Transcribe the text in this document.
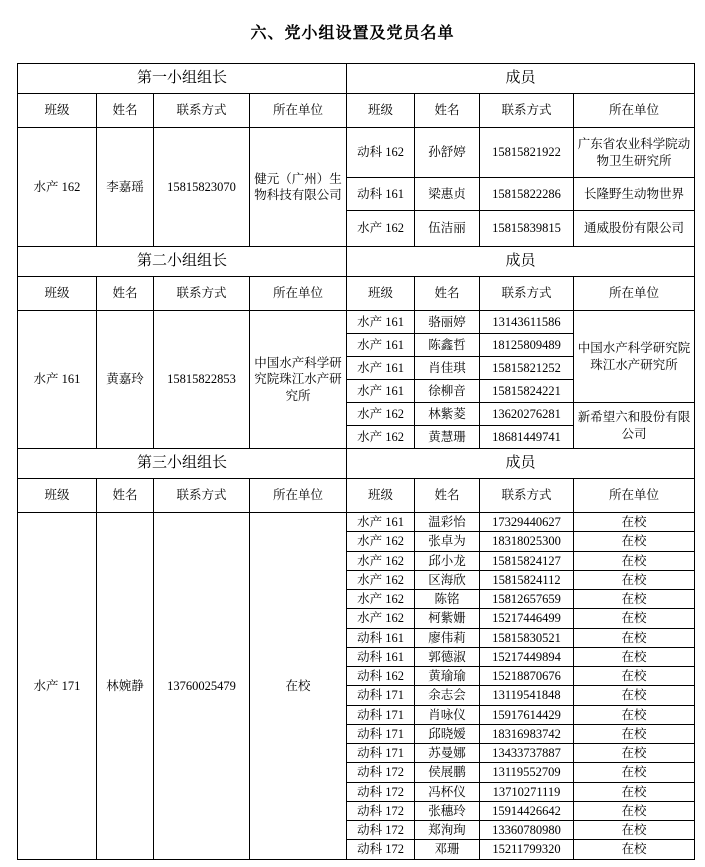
六、党小组设置及党员名单
第一小组组长				成员			
班级	姓名	联系方式	所在单位	班级	姓名	联系方式	所在单位
水产 162	李嘉瑶	15815823070	健元（广州）生物科技有限公司	动科 162	孙舒婷	15815821922	广东省农业科学院动物卫生研究所
				动科 161	梁惠贞	15815822286	长隆野生动物世界
				水产 162	伍洁丽	15815839815	通威股份有限公司
第二小组组长				成员			
班级	姓名	联系方式	所在单位	班级	姓名	联系方式	所在单位
水产 161	黄嘉玲	15815822853	中国水产科学研究院珠江水产研究所	水产 161	骆丽婷	13143611586	中国水产科学研究院珠江水产研究所
				水产 161	陈鑫哲	18125809489	
				水产 161	肖佳琪	15815821252	
				水产 161	徐柳音	15815824221	
				水产 162	林紫菱	13620276281	新希望六和股份有限公司
				水产 162	黄慧珊	18681449741	
第三小组组长				成员			
班级	姓名	联系方式	所在单位	班级	姓名	联系方式	所在单位
水产 171	林婉静	13760025479	在校	水产 161	温彩怡	17329440627	在校
				水产 162	张卓为	18318025300	在校
				水产 162	邱小龙	15815824127	在校
				水产 162	区海欣	15815824112	在校
				水产 162	陈铭	15812657659	在校
				水产 162	柯紫姗	15217446499	在校
				动科 161	廖伟莉	15815830521	在校
				动科 161	郭德淑	15217449894	在校
				动科 162	黄瑜瑜	15218870676	在校
				动科 171	余志会	13119541848	在校
				动科 171	肖咏仪	15917614429	在校
				动科 171	邱晓嫒	18316983742	在校
				动科 171	苏曼娜	13433737887	在校
				动科 172	侯展鹏	13119552709	在校
				动科 172	冯杯仪	13710271119	在校
				动科 172	张穗玲	15914426642	在校
				动科 172	郑洵珣	13360780980	在校
				动科 172	邓珊	15211799320	在校
